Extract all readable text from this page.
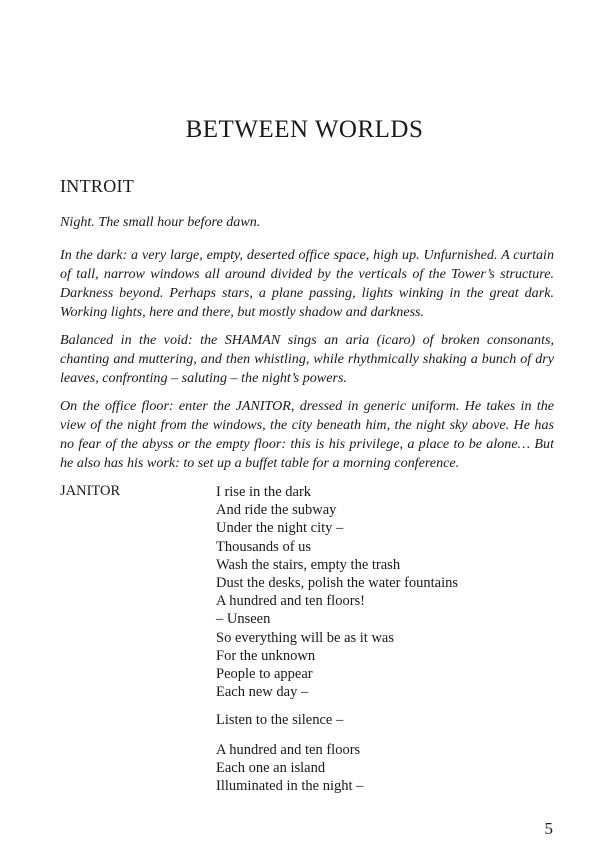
BETWEEN WORLDS
INTROIT

Night. The small hour before dawn.

In the dark: a very large, empty, deserted office space, high up. Unfurnished. A curtain of tall, narrow windows all around divided by the verticals of the Tower’s structure. Darkness beyond. Perhaps stars, a plane passing, lights winking in the great dark. Working lights, here and there, but mostly shadow and darkness.

Balanced in the void: the SHAMAN sings an aria (icaro) of broken consonants, chanting and muttering, and then whistling, while rhythmically shaking a bunch of dry leaves, confronting – saluting – the night’s powers.

On the office floor: enter the JANITOR, dressed in generic uniform. He takes in the view of the night from the windows, the city beneath him, the night sky above. He has no fear of the abyss or the empty floor: this is his privilege, a place to be alone… But he also has his work: to set up a buffet table for a morning conference.

JANITOR	I rise in the dark
And ride the subway
Under the night city –
Thousands of us
Wash the stairs, empty the trash
Dust the desks, polish the water fountains
A hundred and ten floors!
– Unseen
So everything will be as it was
For the unknown
People to appear
Each new day –
Listen to the silence –
A hundred and ten floors
Each one an island
Illuminated in the night –

5
